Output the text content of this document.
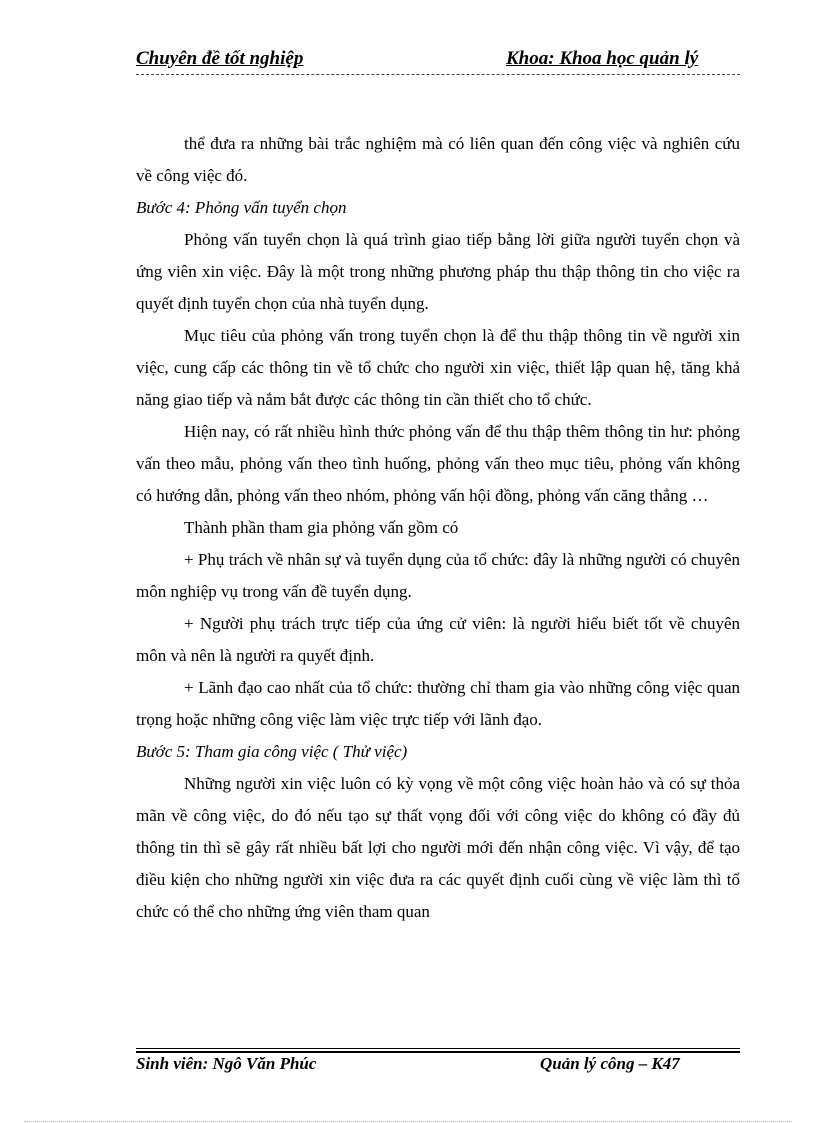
Chuyên đề tốt nghiệp	Khoa: Khoa học quản lý

thể đưa ra những bài trắc nghiệm mà có liên quan đến công việc và nghiên cứu về công việc đó.

Bước 4: Phỏng vấn tuyển chọn

Phỏng vấn tuyển chọn là quá trình giao tiếp bằng lời giữa người tuyển chọn và ứng viên xin việc. Đây là một trong những phương pháp thu thập thông tin cho việc ra quyết định tuyển chọn của nhà tuyển dụng.

Mục tiêu của phỏng vấn trong tuyển chọn là để thu thập thông tin về người xin việc, cung cấp các thông tin về tổ chức cho người xin việc, thiết lập quan hệ, tăng khả năng giao tiếp và nắm bắt được các thông tin cần thiết cho tổ chức.

Hiện nay, có rất nhiều hình thức phỏng vấn để thu thập thêm thông tin hư: phỏng vấn theo mẫu, phỏng vấn theo tình huống, phỏng vấn theo mục tiêu, phỏng vấn không có hướng dẫn, phỏng vấn theo nhóm, phỏng vấn hội đồng, phỏng vấn căng thẳng …

Thành phần tham gia phỏng vấn gồm có

+ Phụ trách về nhân sự và tuyển dụng của tổ chức: đây là những người có chuyên môn nghiệp vụ trong vấn đề tuyển dụng.

+ Người phụ trách trực tiếp của ứng cử viên: là người hiểu biết tốt về chuyên môn và nên là người ra quyết định.

+ Lãnh đạo cao nhất của tổ chức: thường chỉ tham gia vào những công việc quan trọng hoặc những công việc làm việc trực tiếp với lãnh đạo.

Bước 5: Tham gia công việc ( Thử việc)

Những người xin việc luôn có kỳ vọng về một công việc hoàn hảo và có sự thỏa mãn về công việc, do đó nếu tạo sự thất vọng đối với công việc do không có đầy đủ thông tin thì sẽ gây rất nhiều bất lợi cho người mới đến nhận công việc. Vì vậy, để tạo điều kiện cho những người xin việc đưa ra các quyết định cuối cùng về việc làm thì tổ chức có thể cho những ứng viên tham quan

Sinh viên: Ngô Văn Phúc	Quản lý công – K47
